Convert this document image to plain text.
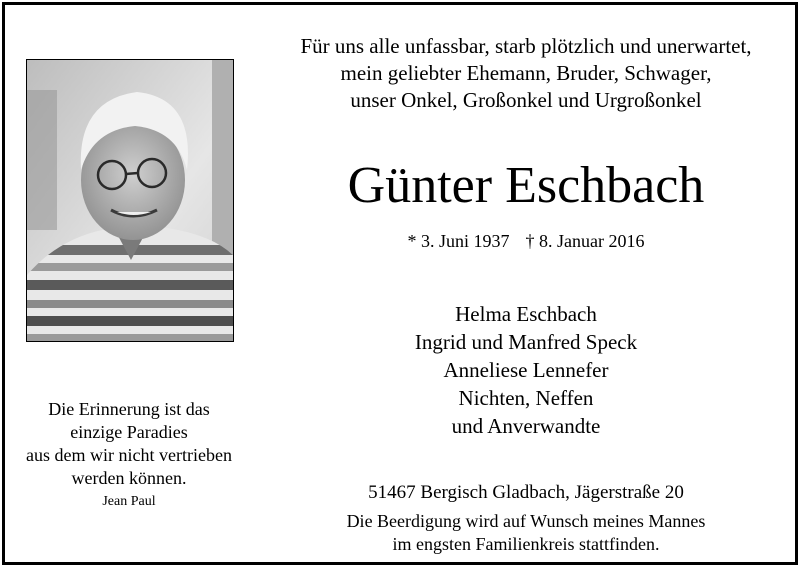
Für uns alle unfassbar, starb plötzlich und unerwartet,
mein geliebter Ehemann, Bruder, Schwager,
unser Onkel, Großonkel und Urgroßonkel
Günter Eschbach
* 3. Juni 1937 † 8. Januar 2016
Helma Eschbach
Ingrid und Manfred Speck
Anneliese Lennefer
Nichten, Neffen
und Anverwandte
Die Erinnerung ist das
einzige Paradies
aus dem wir nicht vertrieben
werden können.
Jean Paul	51467 Bergisch Gladbach, Jägerstraße 20
Die Beerdigung wird auf Wunsch meines Mannes
im engsten Familienkreis stattfinden.
